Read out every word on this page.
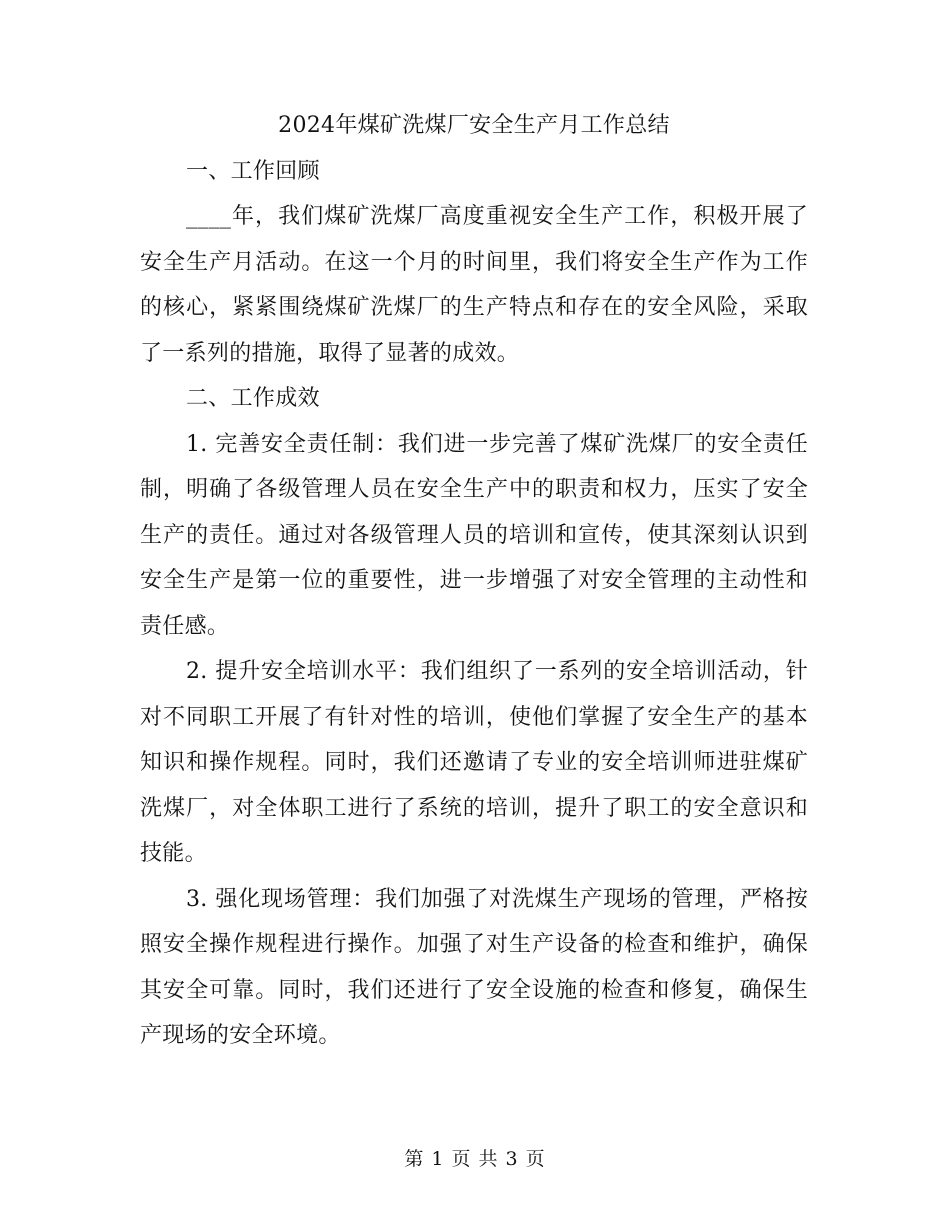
2024年煤矿洗煤厂安全生产月工作总结

一、工作回顾

____年，我们煤矿洗煤厂高度重视安全生产工作，积极开展了安全生产月活动。在这一个月的时间里，我们将安全生产作为工作的核心，紧紧围绕煤矿洗煤厂的生产特点和存在的安全风险，采取了一系列的措施，取得了显著的成效。

二、工作成效

1. 完善安全责任制：我们进一步完善了煤矿洗煤厂的安全责任制，明确了各级管理人员在安全生产中的职责和权力，压实了安全生产的责任。通过对各级管理人员的培训和宣传，使其深刻认识到安全生产是第一位的重要性，进一步增强了对安全管理的主动性和责任感。

2. 提升安全培训水平：我们组织了一系列的安全培训活动，针对不同职工开展了有针对性的培训，使他们掌握了安全生产的基本知识和操作规程。同时，我们还邀请了专业的安全培训师进驻煤矿洗煤厂，对全体职工进行了系统的培训，提升了职工的安全意识和技能。

3. 强化现场管理：我们加强了对洗煤生产现场的管理，严格按照安全操作规程进行操作。加强了对生产设备的检查和维护，确保其安全可靠。同时，我们还进行了安全设施的检查和修复，确保生产现场的安全环境。

第 1 页 共 3 页
